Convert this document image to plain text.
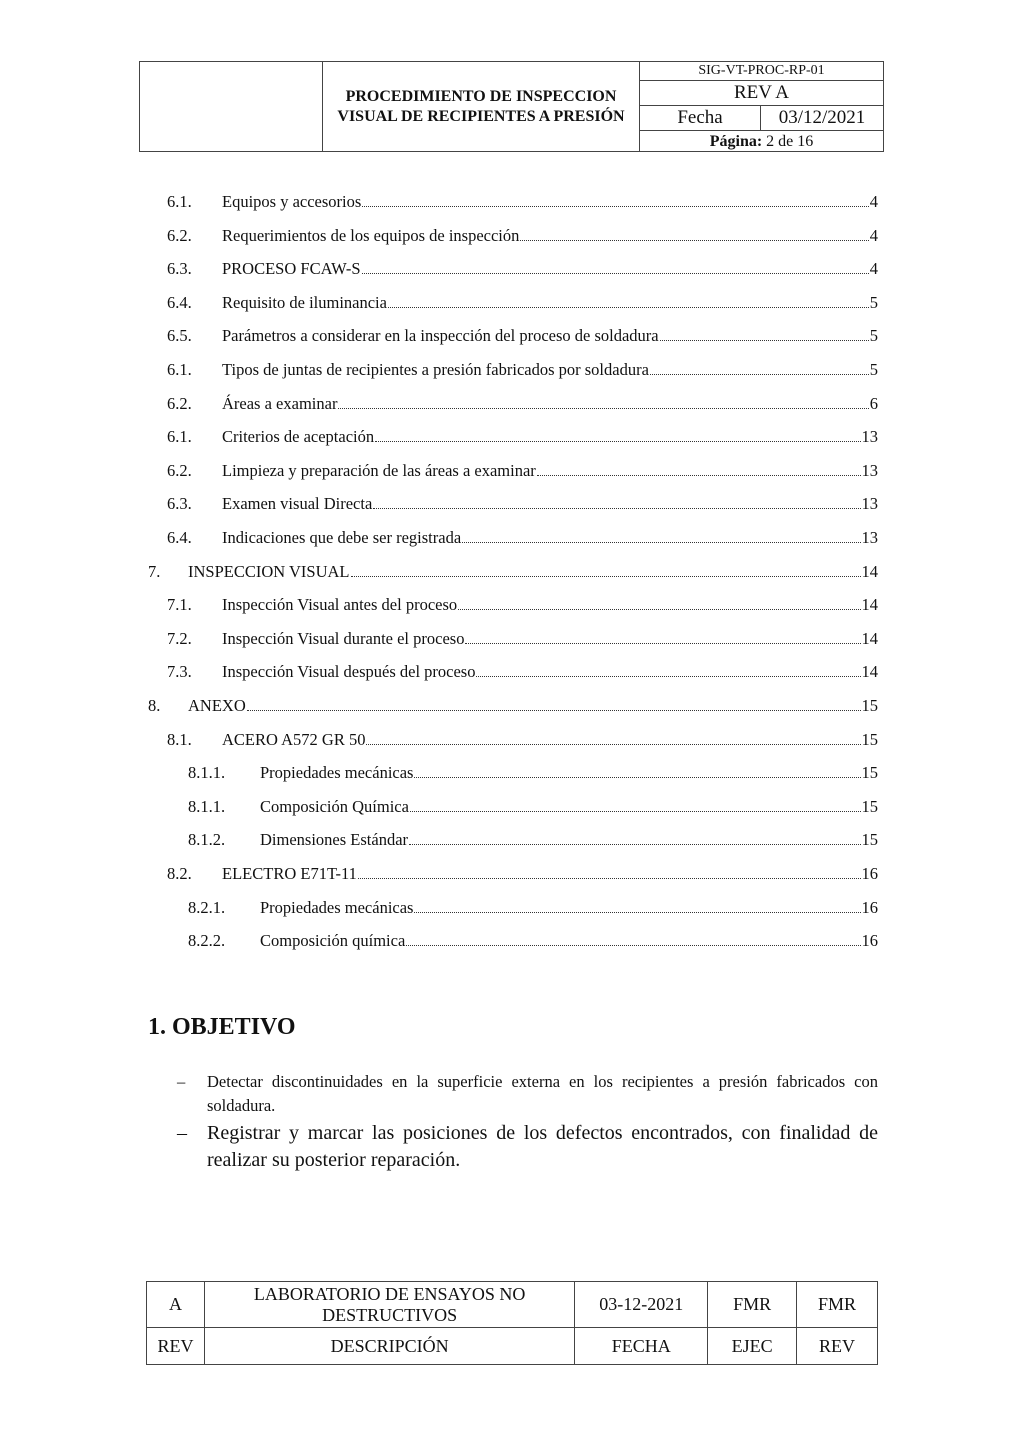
PROCEDIMIENTO DE INSPECCION VISUAL DE RECIPIENTES A PRESIÓN
SIG-VT-PROC-RP-01
REV A
Fecha	03/12/2021
Página: 2 de 16
6.1. Equipos y accesorios	4
6.2. Requerimientos de los equipos de inspección	4
6.3. PROCESO FCAW-S	4
6.4. Requisito de iluminancia	5
6.5. Parámetros a considerar en la inspección del proceso de soldadura	5
6.1. Tipos de juntas de recipientes a presión fabricados por soldadura	5
6.2. Áreas a examinar	6
6.1. Criterios de aceptación	13
6.2. Limpieza y preparación de las áreas a examinar	13
6.3. Examen visual Directa	13
6.4. Indicaciones que debe ser registrada	13
7. INSPECCION VISUAL	14
7.1. Inspección Visual antes del proceso	14
7.2. Inspección Visual durante el proceso	14
7.3. Inspección Visual después del proceso	14
8. ANEXO	15
8.1. ACERO A572 GR 50	15
8.1.1. Propiedades mecánicas	15
8.1.1. Composición Química	15
8.1.2. Dimensiones Estándar	15
8.2. ELECTRO E71T-11	16
8.2.1. Propiedades mecánicas	16
8.2.2. Composición química	16
1. OBJETIVO
– Detectar discontinuidades en la superficie externa en los recipientes a presión fabricados con soldadura.
– Registrar y marcar las posiciones de los defectos encontrados, con finalidad de realizar su posterior reparación.
A	LABORATORIO DE ENSAYOS NO DESTRUCTIVOS	03-12-2021	FMR	FMR
REV	DESCRIPCIÓN	FECHA	EJEC	REV
